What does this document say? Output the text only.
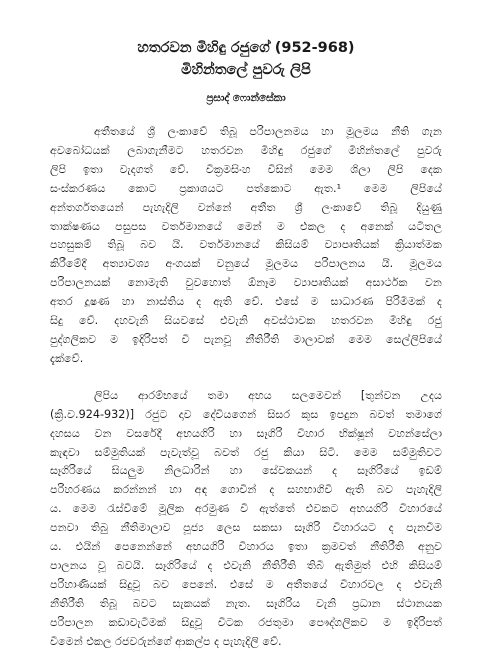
හතරවන මිහිඳු රජුගේ (952-968)
මිහින්තලේ පුවරු ලිපි
ප්‍රසාද් ෆොන්සේකා
අතීතයේ ශ්‍රී ලංකාවේ තිබූ පරිපාලනමය හා මූලමය නීති ගැන
අවබෝධයක් ලබාගැනීමට හතරවන මිහිඳු රජුගේ මිහින්තලේ පුවරු
ලිපි ඉතා වැදගත් වේ. වික්‍රමසිංහ විසින් මෙම ශිලා ලිපි දෙක
සංස්කරණය කොට ප්‍රකාශයට පත්කොට ඇත.¹ මෙම ලිපියේ
අන්තර්ගතයෙන් පැහැදිලි වන්නේ අතීත ශ්‍රී ලංකාවේ තිබූ දියුණු
තාක්ෂණය පසුපස වර්තමානයේ මෙන් ම එකල ද අනෙක් යටිතල
පහසුකම් තිබූ බව යි. වර්තමානයේ කිසියම් ව්‍යාපෘතියක් ක්‍රියාත්මක
කිරීමේදී අත්‍යාවශ්‍ය අංගයක් වනුයේ මූලමය පරිපාලනය යි. මූලමය
පරිපාලනයක් නොමැති වුවහොත් ඕනෑම ව්‍යාපෘතියක් අසාර්ථක වන
අතර දූෂණ හා නාස්තිය ද ඇති වේ. එසේ ම සාධාරණ පිරිමීමක් ද
සිදු වේ. දහවැනි සියවසේ එවැනි අවස්ථාවක හතරවන මිහිඳු රජු
පුද්ගලිකව ම ඉදිරිපත් වී පැනවූ නීතිරීති මාලාවක් මෙම සෙල්ලිපියේ
දැක්වේ.
ලිපිය ආරම්භයේ තමා අභය සලමෙවන් [තුන්වන උදය
(ක්‍රි.ව.924-932)] රජුට දාව දේවියගෙන් සිසර කුස ඉපදුන බවත් තමාගේ
දහසය වන වසරේදී අභයගිරි හා සෑගිරි විහාර භික්ෂූන් වහන්සේලා
කැඳවා සම්මුතියක් පැවැත්වූ බවත් රජු කියා සිටී. මෙම සම්මුතිවට
සෑගිරියේ සියලුම නිලධාරින් හා සේවකයන් ද සෑගිරියේ ඉඩම්
පරිහරණය කරන්නන් හා අඳ ගොවින් ද සහභාගිවී ඇති බව පැහැදිලි
ය. මෙම රැස්වීමේ මූලික අරමුණ වී ඇත්තේ එවකට අභයගිරි විහාරයේ
පනවා තිබු නීතිමාලාව පූජ්‍ය ලෙස සකසා සෑගිරි විහාරයට ද පැනවීම
ය. එයින් පෙනෙන්නේ අභයගිරි විහාරය ඉතා ක්‍රමවත් නීතිරීති අනුව
පාලනය වූ බවයි. සෑගිරියේ ද එවැනි නීතිරීති තිබී ඇතිමුත් එහි කිසියම්
පරිහාණියක් සිදුවූ බව පෙනේ. එසේ ම අතීතයේ විහාරවල ද එවැනි
නීතිරීති තිබූ බවට සැකයක් නැත. සෑගිරිය වැනි ප්‍රධාන ස්ථානයක
පරිපාලන කඩාවැටීමක් සිදුවූ විටක රජතුමා පෞද්ගලිකව ම ඉදිරිපත්
වීමෙන් එකල රජවරුන්ගේ ආකල්ප ද පැහැදිලි වේ.
